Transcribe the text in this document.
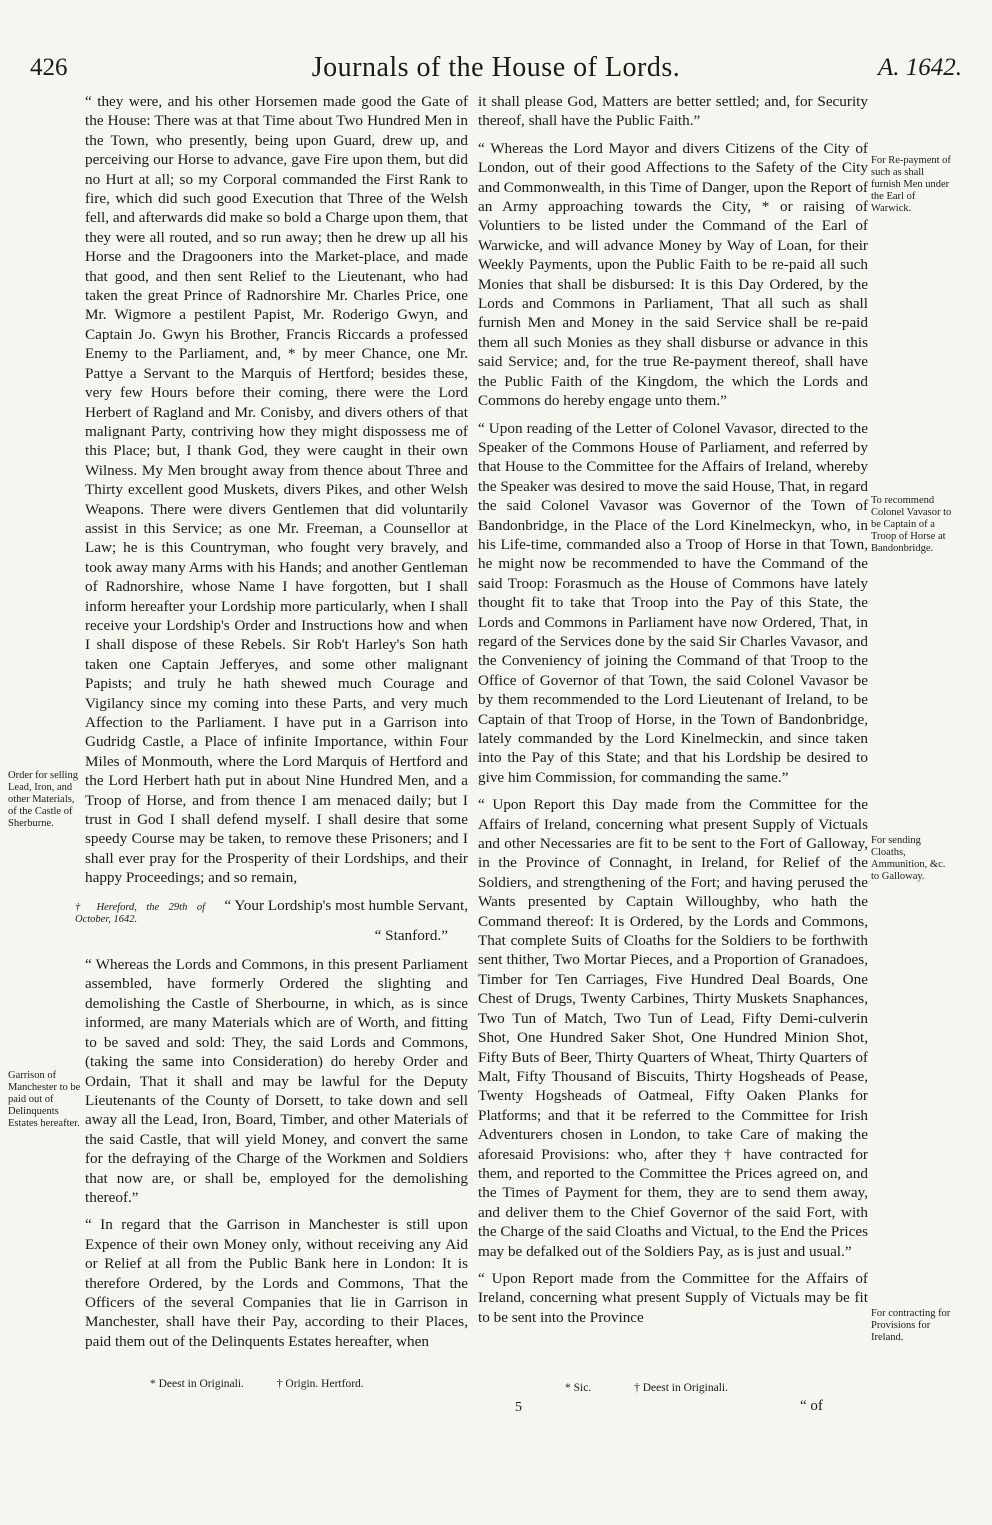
426	Journals of the House of Lords.	A. 1642.

“ they were, and his other Horsemen made good the Gate of the House: There was at that Time about Two Hundred Men in the Town, who presently, being upon Guard, drew up, and perceiving our Horse to advance, gave Fire upon them, but did no Hurt at all; so my Corporal commanded the First Rank to fire, which did such good Execution that Three of the Welsh fell, and afterwards did make so bold a Charge upon them, that they were all routed, and so run away; then he drew up all his Horse and the Dragooners into the Market-place, and made that good, and then sent Relief to the Lieutenant, who had taken the great Prince of Radnorshire Mr. Charles Price, one Mr. Wigmore a pestilent Papist, Mr. Roderigo Gwyn, and Captain Jo. Gwyn his Brother, Francis Riccards a professed Enemy to the Parliament, and, * by meer Chance, one Mr. Pattye a Servant to the Marquis of Hertford; besides these, very few Hours before their coming, there were the Lord Herbert of Ragland and Mr. Conisby, and divers others of that malignant Party, contriving how they might dispossess me of this Place; but, I thank God, they were caught in their own Wilness. My Men brought away from thence about Three and Thirty excellent good Muskets, divers Pikes, and other Welsh Weapons. There were divers Gentlemen that did voluntarily assist in this Service; as one Mr. Freeman, a Counsellor at Law; he is this Countryman, who fought very bravely, and took away many Arms with his Hands; and another Gentleman of Radnorshire, whose Name I have forgotten, but I shall inform hereafter your Lordship more particularly, when I shall receive your Lordship's Order and Instructions how and when I shall dispose of these Rebels. Sir Rob't Harley's Son hath taken one Captain Jefferyes, and some other malignant Papists; and truly he hath shewed much Courage and Vigilancy since my coming into these Parts, and very much Affection to the Parliament. I have put in a Garrison into Gudridg Castle, a Place of infinite Importance, within Four Miles of Monmouth, where the Lord Marquis of Hertford and the Lord Herbert hath put in about Nine Hundred Men, and a Troop of Horse, and from thence I am menaced daily; but I trust in God I shall defend myself. I shall desire that some speedy Course may be taken, to remove these Prisoners; and I shall ever pray for the Prosperity of their Lordships, and their happy Proceedings; and so remain,

† Hereford, the 29th of October, 1642.
“ Your Lordship's most humble Servant,
“ Stanford.”

“ Whereas the Lords and Commons, in this present Parliament assembled, have formerly Ordered the slighting and demolishing the Castle of Sherbourne, in which, as is since informed, are many Materials which are of Worth, and fitting to be saved and sold: They, the said Lords and Commons, (taking the same into Consideration) do hereby Order and Ordain, That it shall and may be lawful for the Deputy Lieutenants of the County of Dorsett, to take down and sell away all the Lead, Iron, Board, Timber, and other Materials of the said Castle, that will yield Money, and convert the same for the defraying of the Charge of the Workmen and Soldiers that now are, or shall be, employed for the demolishing thereof.”

“ In regard that the Garrison in Manchester is still upon Expence of their own Money only, without receiving any Aid or Relief at all from the Public Bank here in London: It is therefore Ordered, by the Lords and Commons, That the Officers of the several Companies that lie in Garrison in Manchester, shall have their Pay, according to their Places, paid them out of the Delinquents Estates hereafter, when

it shall please God, Matters are better settled; and, for Security thereof, shall have the Public Faith.”

“ Whereas the Lord Mayor and divers Citizens of the City of London, out of their good Affections to the Safety of the City and Commonwealth, in this Time of Danger, upon the Report of an Army approaching towards the City, * or raising of Voluntiers to be listed under the Command of the Earl of Warwicke, and will advance Money by Way of Loan, for their Weekly Payments, upon the Public Faith to be re-paid all such Monies that shall be disbursed: It is this Day Ordered, by the Lords and Commons in Parliament, That all such as shall furnish Men and Money in the said Service shall be re-paid them all such Monies as they shall disburse or advance in this said Service; and, for the true Re-payment thereof, shall have the Public Faith of the Kingdom, the which the Lords and Commons do hereby engage unto them.”

“ Upon reading of the Letter of Colonel Vavasor, directed to the Speaker of the Commons House of Parliament, and referred by that House to the Committee for the Affairs of Ireland, whereby the Speaker was desired to move the said House, That, in regard the said Colonel Vavasor was Governor of the Town of Bandonbridge, in the Place of the Lord Kinelmeckyn, who, in his Life-time, commanded also a Troop of Horse in that Town, he might now be recommended to have the Command of the said Troop: Forasmuch as the House of Commons have lately thought fit to take that Troop into the Pay of this State, the Lords and Commons in Parliament have now Ordered, That, in regard of the Services done by the said Sir Charles Vavasor, and the Conveniency of joining the Command of that Troop to the Office of Governor of that Town, the said Colonel Vavasor be by them recommended to the Lord Lieutenant of Ireland, to be Captain of that Troop of Horse, in the Town of Bandonbridge, lately commanded by the Lord Kinelmeckin, and since taken into the Pay of this State; and that his Lordship be desired to give him Commission, for commanding the same.”

“ Upon Report this Day made from the Committee for the Affairs of Ireland, concerning what present Supply of Victuals and other Necessaries are fit to be sent to the Fort of Galloway, in the Province of Connaght, in Ireland, for Relief of the Soldiers, and strengthening of the Fort; and having perused the Wants presented by Captain Willoughby, who hath the Command thereof: It is Ordered, by the Lords and Commons, That complete Suits of Cloaths for the Soldiers to be forthwith sent thither, Two Mortar Pieces, and a Proportion of Granadoes, Timber for Ten Carriages, Five Hundred Deal Boards, One Chest of Drugs, Twenty Carbines, Thirty Muskets Snaphances, Two Tun of Match, Two Tun of Lead, Fifty Demi-culverin Shot, One Hundred Saker Shot, One Hundred Minion Shot, Fifty Buts of Beer, Thirty Quarters of Wheat, Thirty Quarters of Malt, Fifty Thousand of Biscuits, Thirty Hogsheads of Pease, Twenty Hogsheads of Oatmeal, Fifty Oaken Planks for Platforms; and that it be referred to the Committee for Irish Adventurers chosen in London, to take Care of making the aforesaid Provisions: who, after they † have contracted for them, and reported to the Committee the Prices agreed on, and the Times of Payment for them, they are to send them away, and deliver them to the Chief Governor of the said Fort, with the Charge of the said Cloaths and Victual, to the End the Prices may be defalked out of the Soldiers Pay, as is just and usual.”

“ Upon Report made from the Committee for the Affairs of Ireland, concerning what present Supply of Victuals may be fit to be sent into the Province

Order for selling Lead, Iron, and other Materials, of the Castle of Sherburne.
Garrison of Manchester to be paid out of Delinquents Estates hereafter.
For Re-payment of such as shall furnish Men under the Earl of Warwick.
To recommend Colonel Vavasor to be Captain of a Troop of Horse at Bandonbridge.
For sending Cloaths, Ammunition, &c. to Galloway.
For contracting for Provisions for Ireland.
* Deest in Originali.	† Origin. Hertford.	* Sic.	† Deest in Originali.
5	“ of
